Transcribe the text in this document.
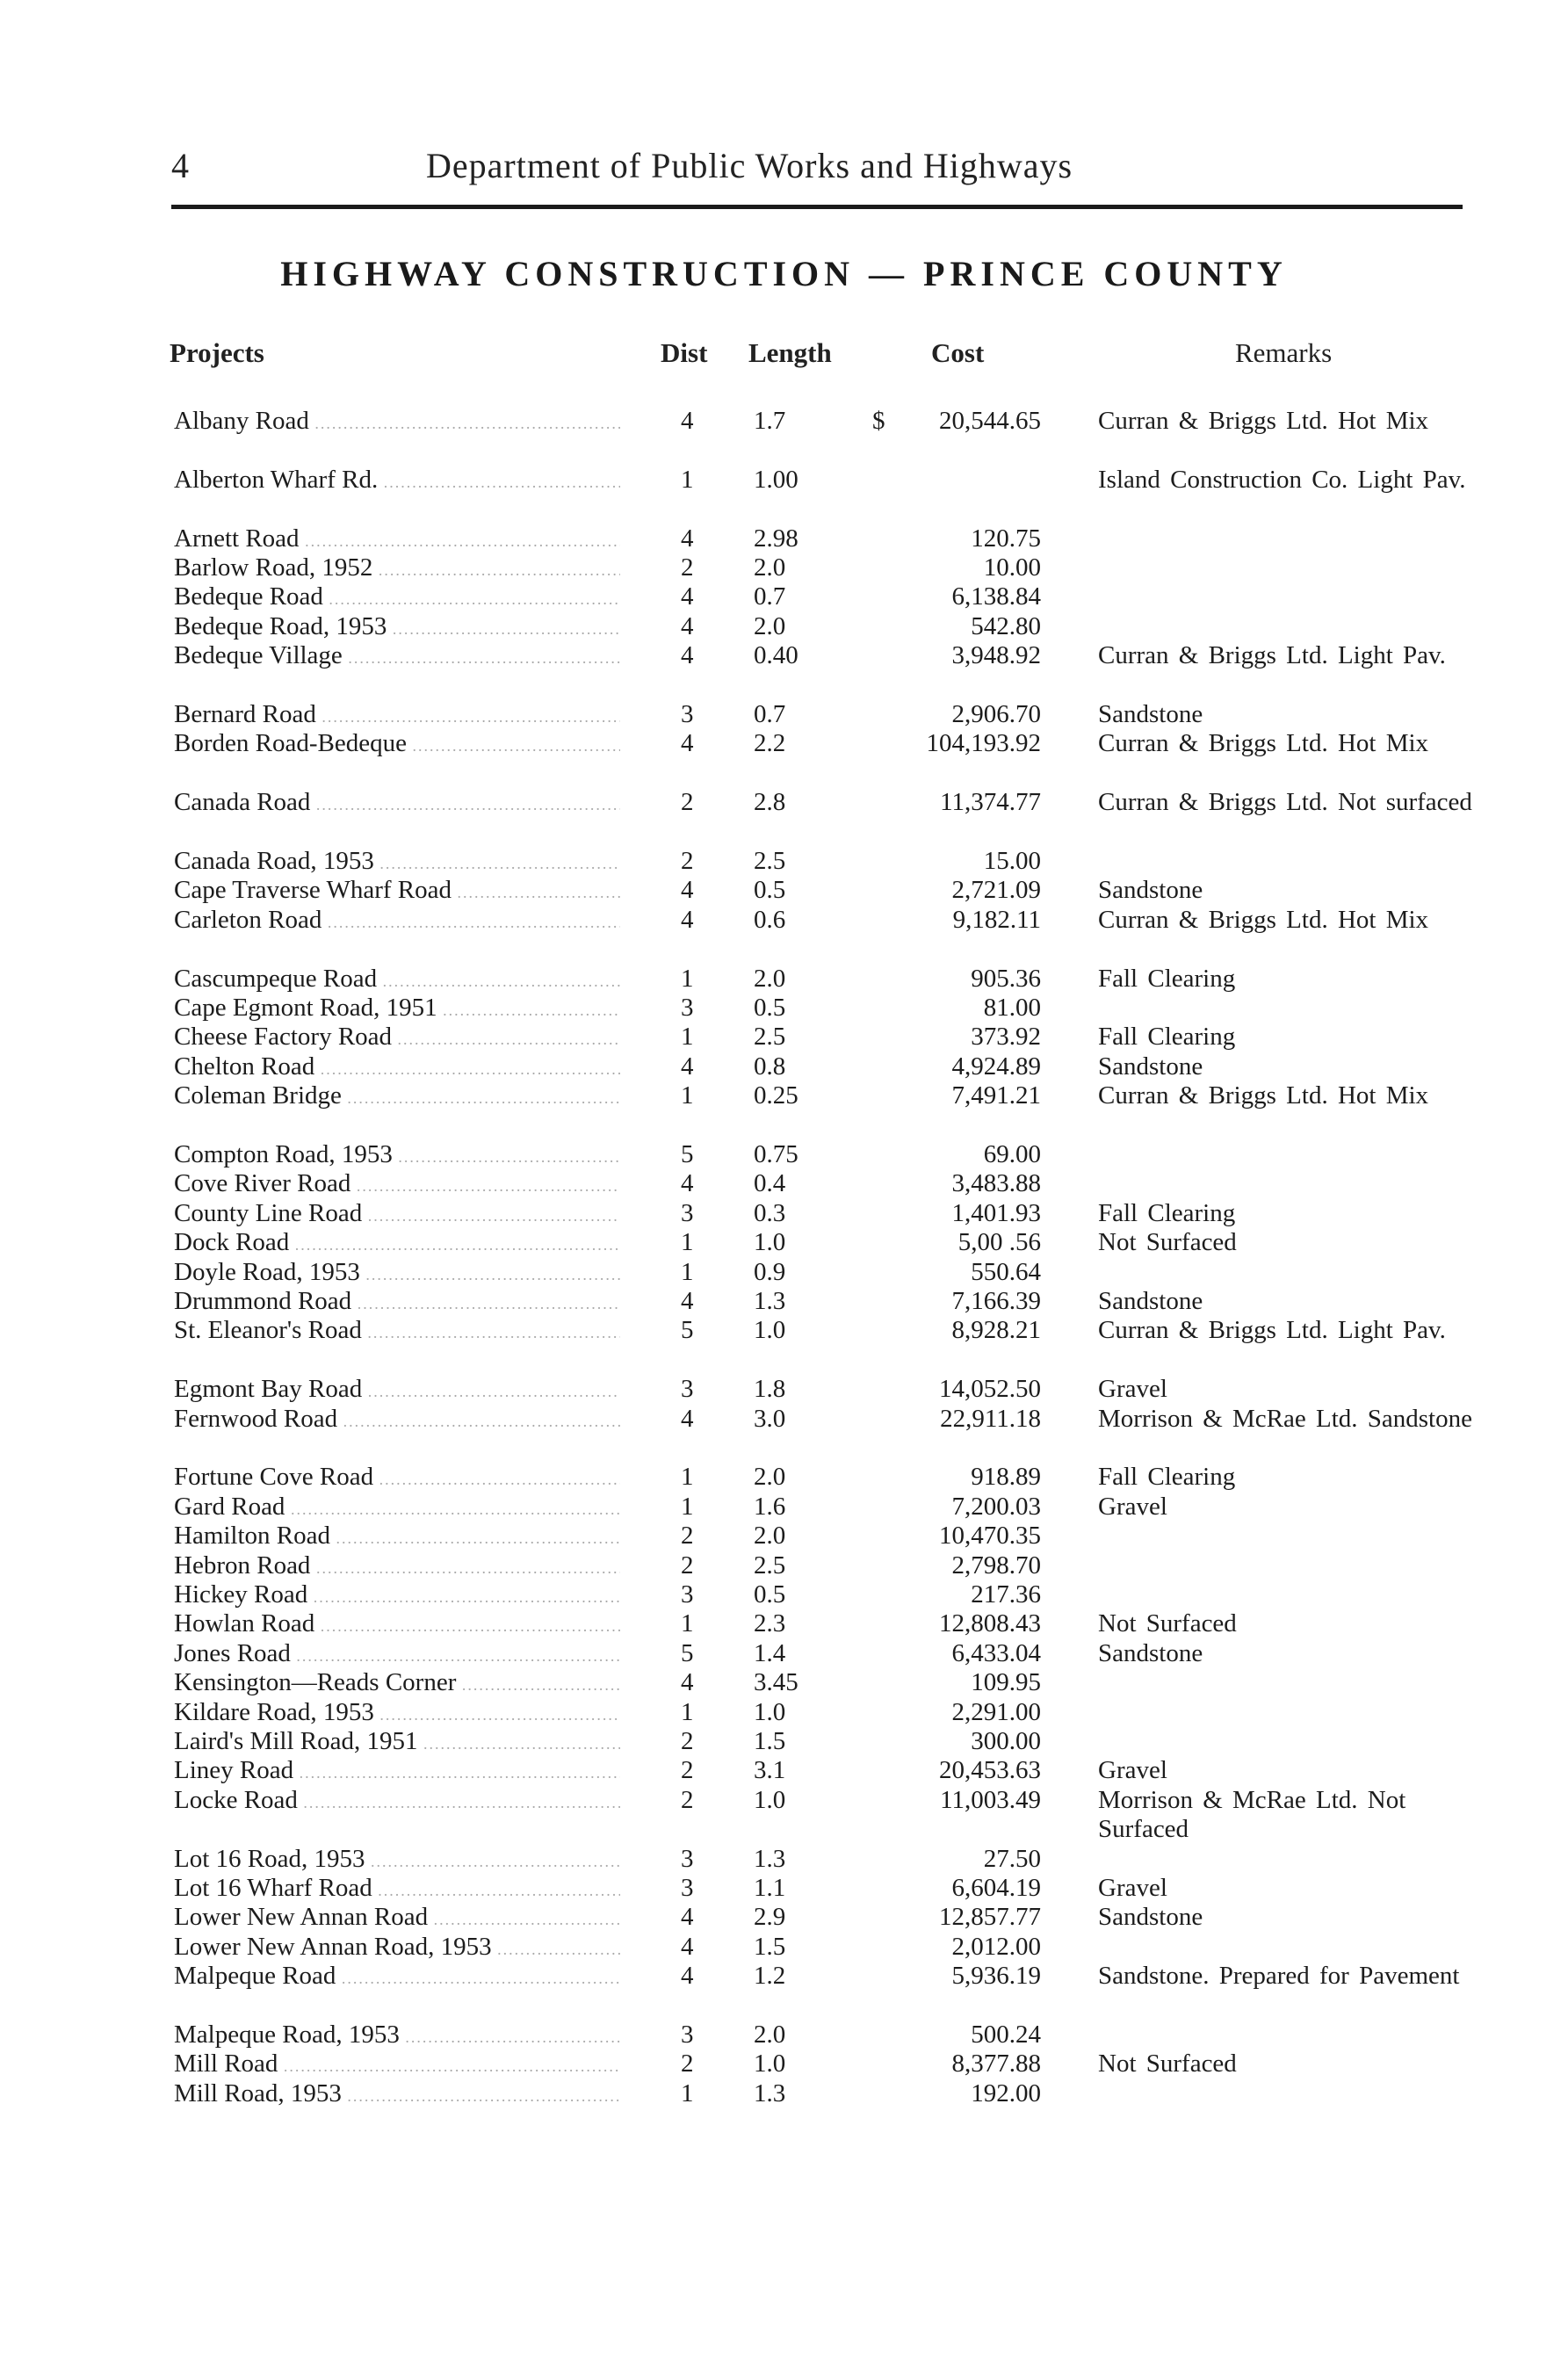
4	Department of Public Works and Highways
HIGHWAY CONSTRUCTION — PRINCE COUNTY
Projects	Dist Length	Cost	Remarks
Albany Road .....	4	1.7	$	20,544.65 Curran & Briggs Ltd. Hot Mix
Alberton Wharf Rd. .....	1	1.00	Island Construction Co. Light Pav.
Arnett Road .....	4	2.98	120.75
Barlow Road, 1952 .....	2	2.0	10.00
Bedeque Road .....	4	0.7	6,138.84
Bedeque Road, 1953 .....	4	2.0	542.80
Bedeque Village .....	4	0.40	3,948.92 Curran & Briggs Ltd. Light Pav.
Bernard Road .....	3	0.7	2,906.70 Sandstone
Borden Road-Bedeque .....	4	2.2	104,193.92 Curran & Briggs Ltd. Hot Mix
Canada Road .....	2	2.8	11,374.77 Curran & Briggs Ltd. Not surfaced
Canada Road, 1953 .....	2	2.5	15.00
Cape Traverse Wharf Road .....	4	0.5	2,721.09 Sandstone
Carleton Road .....	4	0.6	9,182.11 Curran & Briggs Ltd. Hot Mix
Cascumpeque Road .....	1	2.0	905.36 Fall Clearing
Cape Egmont Road, 1951 .....	3	0.5	81.00
Cheese Factory Road .....	1	2.5	373.92 Fall Clearing
Chelton Road .....	4	0.8	4,924.89 Sandstone
Coleman Bridge .....	1	0.25	7,491.21 Curran & Briggs Ltd. Hot Mix
Compton Road, 1953 .....	5	0.75	69.00
Cove River Road .....	4	0.4	3,483.88
County Line Road .....	3	0.3	1,401.93 Fall Clearing
Dock Road .....	1	1.0	5,00 .56 Not Surfaced
Doyle Road, 1953 .....	1	0.9	550.64
Drummond Road .....	4	1.3	7,166.39 Sandstone
St. Eleanor's Road .....	5	1.0	8,928.21 Curran & Briggs Ltd. Light Pav.
Egmont Bay Road .....	3	1.8	14,052.50 Gravel
Fernwood Road .....	4	3.0	22,911.18 Morrison & McRae Ltd. Sandstone
Fortune Cove Road .....	1	2.0	918.89 Fall Clearing
Gard Road .....	1	1.6	7,200.03 Gravel
Hamilton Road .....	2	2.0	10,470.35
Hebron Road .....	2	2.5	2,798.70
Hickey Road .....	3	0.5	217.36
Howlan Road .....	1	2.3	12,808.43 Not Surfaced
Jones Road .....	5	1.4	6,433.04 Sandstone
Kensington—Reads Corner .....	4	3.45	109.95
Kildare Road, 1953 .....	1	1.0	2,291.00
Laird's Mill Road, 1951 .....	2	1.5	300.00
Liney Road .....	2	3.1	20,453.63 Gravel
Locke Road .....	2	1.0	11,003.49 Morrison & McRae Ltd. Not Surfaced
Lot 16 Road, 1953 .....	3	1.3	27.50
Lot 16 Wharf Road .....	3	1.1	6,604.19 Gravel
Lower New Annan Road .....	4	2.9	12,857.77 Sandstone
Lower New Annan Road, 1953 .....	4	1.5	2,012.00
Malpeque Road .....	4	1.2	5,936.19 Sandstone. Prepared for Pavement
Malpeque Road, 1953 .....	3	2.0	500.24
Mill Road .....	2	1.0	8,377.88 Not Surfaced
Mill Road, 1953 .....	1	1.3	192.00
